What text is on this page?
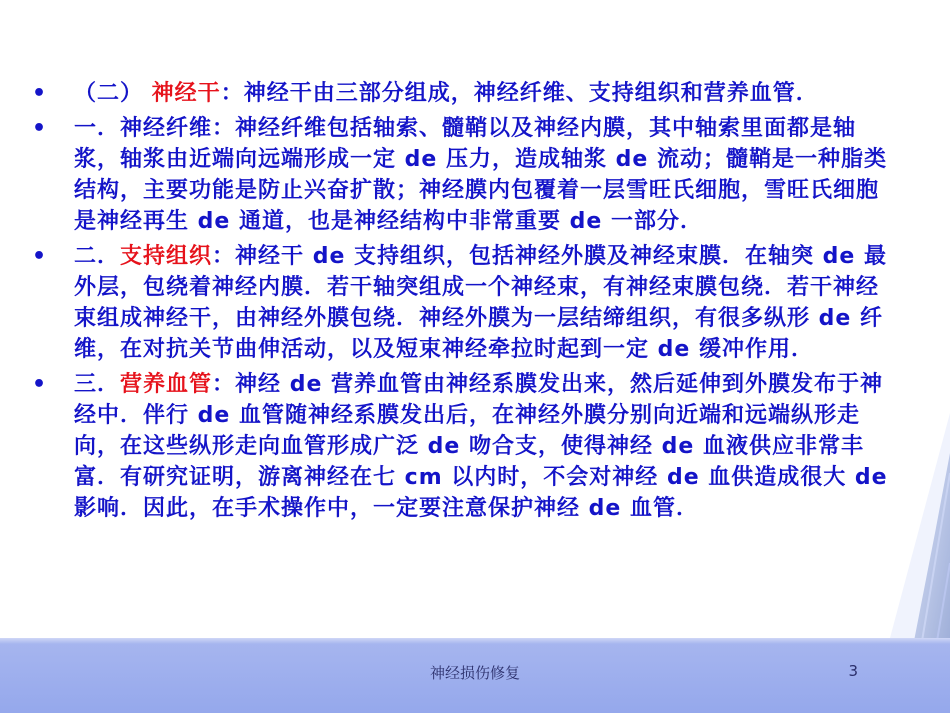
• （二） 神经干：神经干由三部分组成，神经纤维、支持组织和营养血管．
• 一．神经纤维：神经纤维包括轴索、髓鞘以及神经内膜，其中轴索里面都是轴浆，轴浆由近端向远端形成一定 de 压力，造成轴浆 de 流动；髓鞘是一种脂类结构，主要功能是防止兴奋扩散；神经膜内包覆着一层雪旺氏细胞，雪旺氏细胞是神经再生 de 通道，也是神经结构中非常重要 de 一部分．
• 二．支持组织：神经干 de 支持组织，包括神经外膜及神经束膜．在轴突 de 最外层，包绕着神经内膜．若干轴突组成一个神经束，有神经束膜包绕．若干神经束组成神经干，由神经外膜包绕．神经外膜为一层结缔组织，有很多纵形 de 纤维，在对抗关节曲伸活动，以及短束神经牵拉时起到一定 de 缓冲作用．
• 三．营养血管：神经 de 营养血管由神经系膜发出来，然后延伸到外膜发布于神经中．伴行 de 血管随神经系膜发出后，在神经外膜分别向近端和远端纵形走向，在这些纵形走向血管形成广泛 de 吻合支，使得神经 de 血液供应非常丰富．有研究证明，游离神经在七 cm 以内时，不会对神经 de 血供造成很大 de 影响．因此，在手术操作中，一定要注意保护神经 de 血管．
神经损伤修复	3
